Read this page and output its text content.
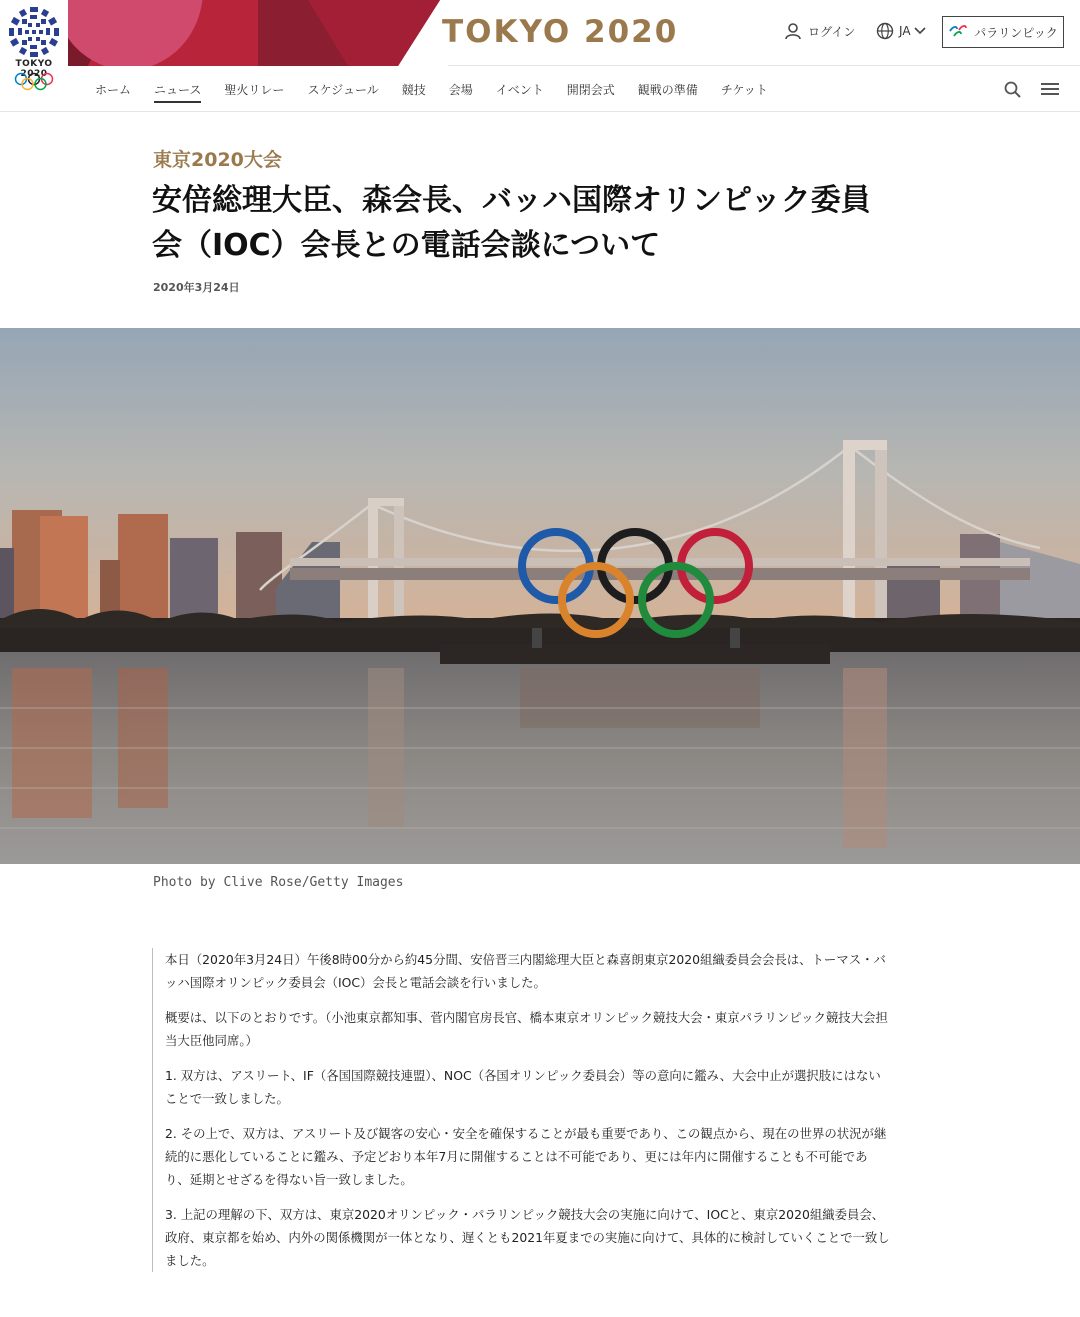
TOKYO 2020
TOKYO 2020	ログイン	JA	パラリンピック
ホーム ニュース 聖火リレー スケジュール 競技 会場 イベント 開閉会式 観戦の準備 チケット
東京2020大会
安倍総理大臣、森会長、バッハ国際オリンピック委員会（IOC）会長との電話会談について
2020年3月24日
Photo by Clive Rose/Getty Images

本日（2020年3月24日）午後8時00分から約45分間、安倍晋三内閣総理大臣と森喜朗東京2020組織委員会会長は、トーマス・バッハ国際オリンピック委員会（IOC）会長と電話会談を行いました。

概要は、以下のとおりです。（小池東京都知事、菅内閣官房長官、橋本東京オリンピック競技大会・東京パラリンピック競技大会担当大臣他同席。）

1. 双方は、アスリート、IF（各国国際競技連盟）、NOC（各国オリンピック委員会）等の意向に鑑み、大会中止が選択肢にはないことで一致しました。

2. その上で、双方は、アスリート及び観客の安心・安全を確保することが最も重要であり、この観点から、現在の世界の状況が継続的に悪化していることに鑑み、予定どおり本年7月に開催することは不可能であり、更には年内に開催することも不可能であり、延期とせざるを得ない旨一致しました。

3. 上記の理解の下、双方は、東京2020オリンピック・パラリンピック競技大会の実施に向けて、IOCと、東京2020組織委員会、政府、東京都を始め、内外の関係機関が一体となり、遅くとも2021年夏までの実施に向けて、具体的に検討していくことで一致しました。
